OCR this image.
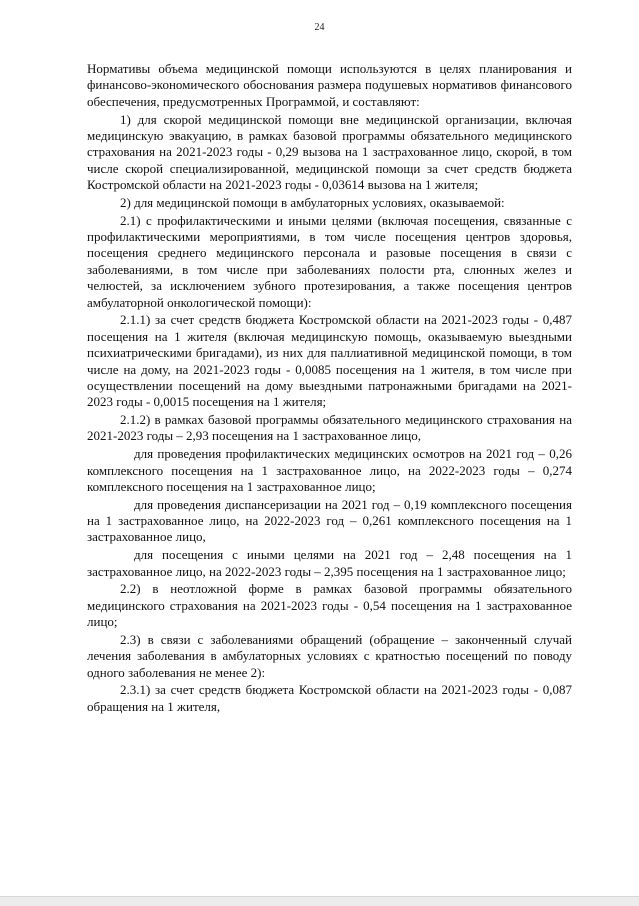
24

Нормативы объема медицинской помощи используются в целях планирования и финансово-экономического обоснования размера подушевых нормативов финансового обеспечения, предусмотренных Программой, и составляют:

1) для скорой медицинской помощи вне медицинской организации, включая медицинскую эвакуацию, в рамках базовой программы обязательного медицинского страхования на 2021-2023 годы - 0,29 вызова на 1 застрахованное лицо, скорой, в том числе скорой специализированной, медицинской помощи за счет средств бюджета Костромской области на 2021-2023 годы - 0,03614 вызова на 1 жителя;

2) для медицинской помощи в амбулаторных условиях, оказываемой:

2.1) с профилактическими и иными целями (включая посещения, связанные с профилактическими мероприятиями, в том числе посещения центров здоровья, посещения среднего медицинского персонала и разовые посещения в связи с заболеваниями, в том числе при заболеваниях полости рта, слюнных желез и челюстей, за исключением зубного протезирования, а также посещения центров амбулаторной онкологической помощи):

2.1.1) за счет средств бюджета Костромской области на 2021-2023 годы - 0,487 посещения на 1 жителя (включая медицинскую помощь, оказываемую выездными психиатрическими бригадами), из них для паллиативной медицинской помощи, в том числе на дому, на 2021-2023 годы - 0,0085 посещения на 1 жителя, в том числе при осуществлении посещений на дому выездными патронажными бригадами на 2021-2023 годы - 0,0015 посещения на 1 жителя;

2.1.2) в рамках базовой программы обязательного медицинского страхования на 2021-2023 годы – 2,93 посещения на 1 застрахованное лицо,

для проведения профилактических медицинских осмотров на 2021 год – 0,26 комплексного посещения на 1 застрахованное лицо, на 2022-2023 годы – 0,274 комплексного посещения на 1 застрахованное лицо;

для проведения диспансеризации на 2021 год – 0,19 комплексного посещения на 1 застрахованное лицо, на 2022-2023 год – 0,261 комплексного посещения на 1 застрахованное лицо,

для посещения с иными целями на 2021 год – 2,48 посещения на 1 застрахованное лицо, на 2022-2023 годы – 2,395 посещения на 1 застрахованное лицо;

2.2) в неотложной форме в рамках базовой программы обязательного медицинского страхования на 2021-2023 годы - 0,54 посещения на 1 застрахованное лицо;

2.3) в связи с заболеваниями обращений (обращение – законченный случай лечения заболевания в амбулаторных условиях с кратностью посещений по поводу одного заболевания не менее 2):

2.3.1) за счет средств бюджета Костромской области на 2021-2023 годы - 0,087 обращения на 1 жителя,
